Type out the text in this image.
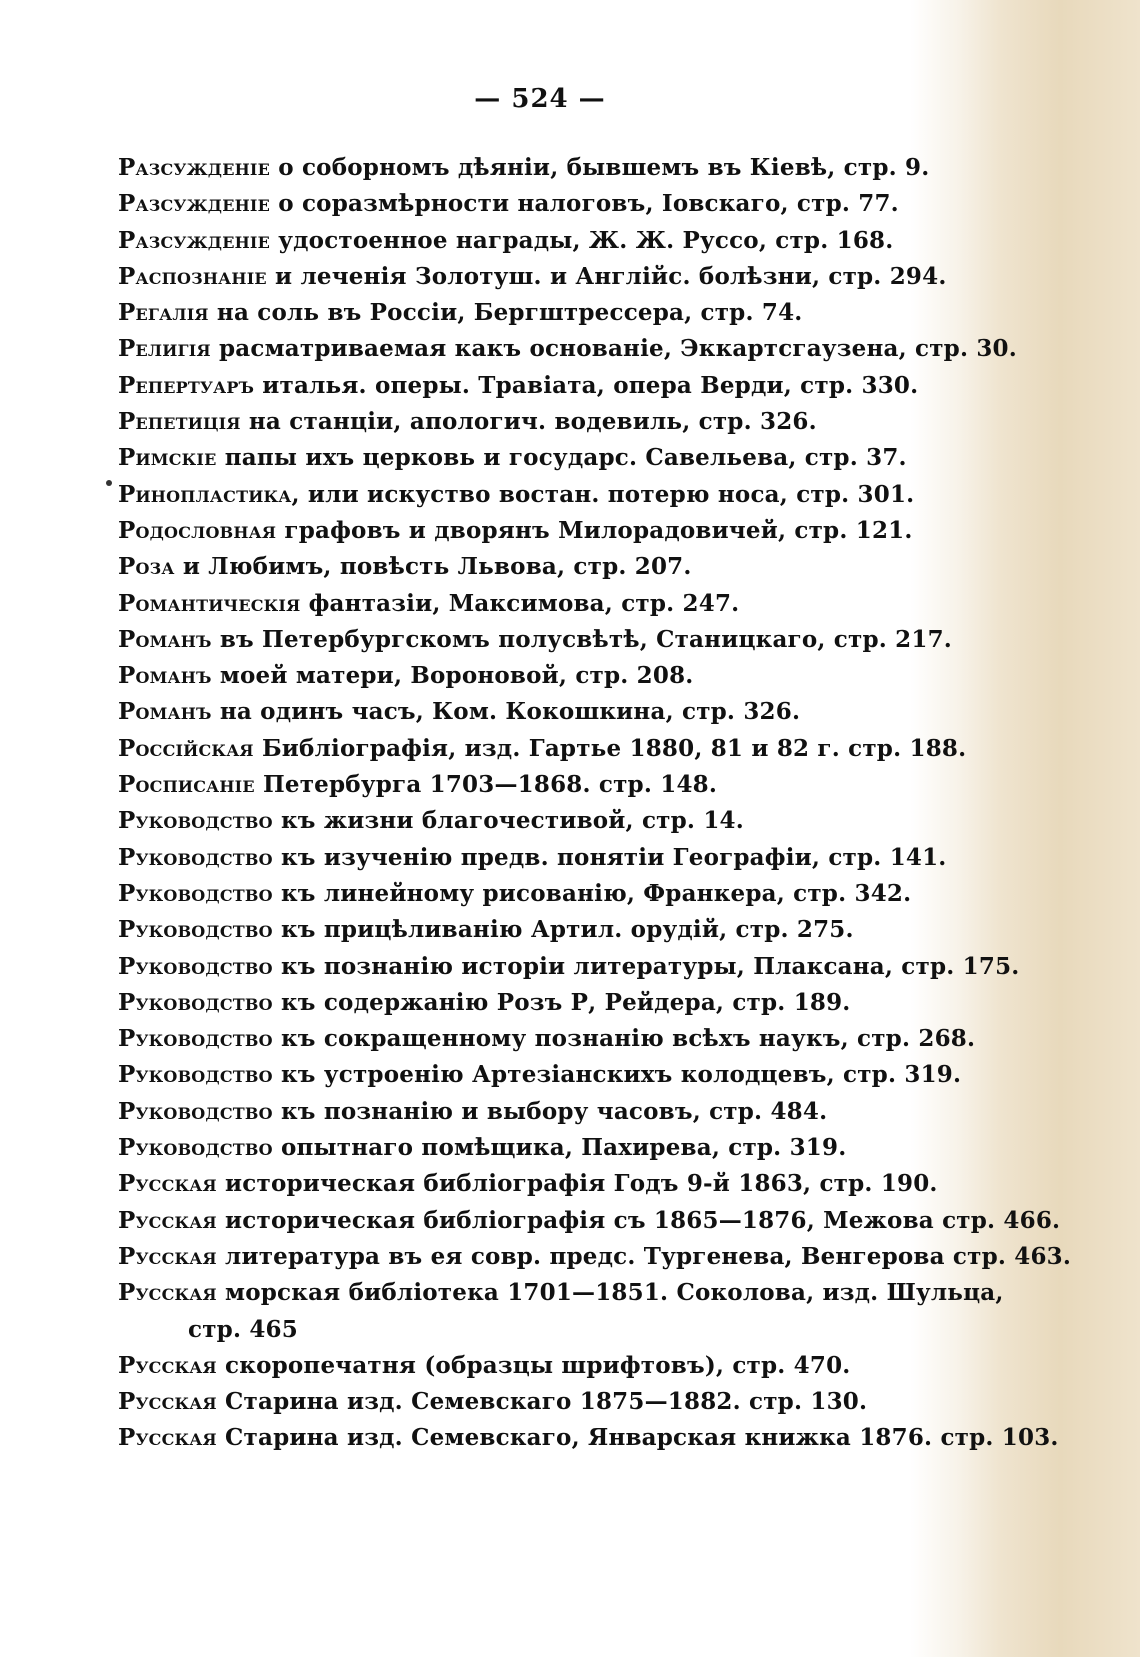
— 524 —
Разсужденіе о соборномъ дѣяніи, бывшемъ въ Кіевѣ, стр. 9.
Разсужденіе о соразмѣрности налоговъ, Іовскаго, стр. 77.
Разсужденіе удостоенное награды, Ж. Ж. Руссо, стр. 168.
Распознаніе и леченія Золотуш. и Англійс. болѣзни, стр. 294.
Регалія на соль въ Россіи, Бергштрессера, стр. 74.
Религія расматриваемая какъ основаніе, Эккартсгаузена, стр. 30.
Репертуаръ италья. оперы. Травіата, опера Верди, стр. 330.
Репетиція на станціи, апологич. водевиль, стр. 326.
Римскіе папы ихъ церковь и государс. Савельева, стр. 37.
Ринопластика, или искуство востан. потерю носа, стр. 301.
Родословная графовъ и дворянъ Милорадовичей, стр. 121.
Роза и Любимъ, повѣсть Львова, стр. 207.
Романтическія фантазіи, Максимова, стр. 247.
Романъ въ Петербургскомъ полусвѣтѣ, Станицкаго, стр. 217.
Романъ моей матери, Вороновой, стр. 208.
Романъ на одинъ часъ, Ком. Кокошкина, стр. 326.
Россійская Библіографія, изд. Гартье 1880, 81 и 82 г. стр. 188.
Росписаніе Петербурга 1703—1868. стр. 148.
Руководство къ жизни благочестивой, стр. 14.
Руководство къ изученію предв. понятіи Географіи, стр. 141.
Руководство къ линейному рисованію, Франкера, стр. 342.
Руководство къ прицѣливанію Артил. орудій, стр. 275.
Руководство къ познанію исторіи литературы, Плаксана, стр. 175.
Руководство къ содержанію Розъ Р, Рейдера, стр. 189.
Руководство къ сокращенному познанію всѣхъ наукъ, стр. 268.
Руководство къ устроенію Артезіанскихъ колодцевъ, стр. 319.
Руководство къ познанію и выбору часовъ, стр. 484.
Руководство опытнаго помѣщика, Пахирева, стр. 319.
Русская историческая библіографія Годъ 9-й 1863, стр. 190.
Русская историческая библіографія съ 1865—1876, Межова стр. 466.
Русская литература въ ея совр. предс. Тургенева, Венгерова стр. 463.
Русская морская библіотека 1701—1851. Соколова, изд. Шульца,
стр. 465
Русская скоропечатня (образцы шрифтовъ), стр. 470.
Русская Старина изд. Семевскаго 1875—1882. стр. 130.
Русская Старина изд. Семевскаго, Январская книжка 1876. стр. 103.
